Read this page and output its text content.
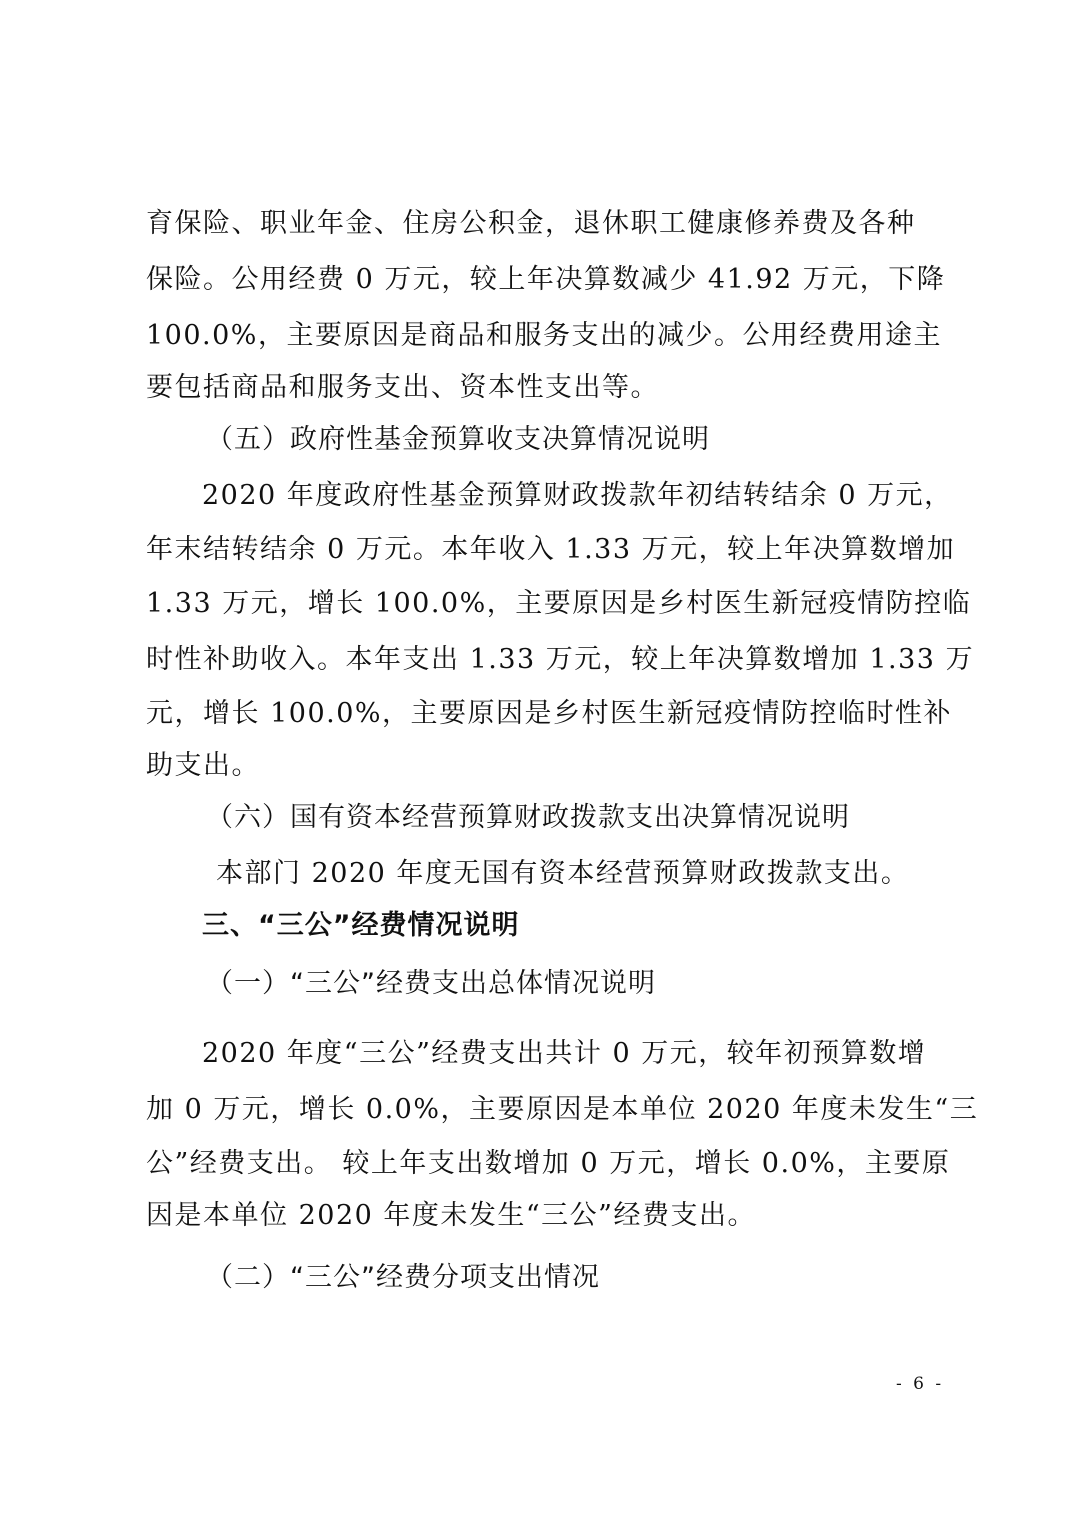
育保险、职业年金、住房公积金，退休职工健康修养费及各种
保险。公用经费 0 万元，较上年决算数减少 41.92 万元，下降
100.0%，主要原因是商品和服务支出的减少。公用经费用途主
要包括商品和服务支出、资本性支出等。
（五）政府性基金预算收支决算情况说明
2020 年度政府性基金预算财政拨款年初结转结余 0 万元，
年末结转结余 0 万元。本年收入 1.33 万元，较上年决算数增加
1.33 万元，增长 100.0%，主要原因是乡村医生新冠疫情防控临
时性补助收入。本年支出 1.33 万元，较上年决算数增加 1.33 万
元，增长 100.0%，主要原因是乡村医生新冠疫情防控临时性补
助支出。
（六）国有资本经营预算财政拨款支出决算情况说明
本部门 2020 年度无国有资本经营预算财政拨款支出。
三、“三公”经费情况说明
（一）“三公”经费支出总体情况说明
2020 年度“三公”经费支出共计 0 万元，较年初预算数增
加 0 万元，增长 0.0%，主要原因是本单位 2020 年度未发生“三
公”经费支出。 较上年支出数增加 0 万元，增长 0.0%，主要原
因是本单位 2020 年度未发生“三公”经费支出。
（二）“三公”经费分项支出情况
- 6 -
